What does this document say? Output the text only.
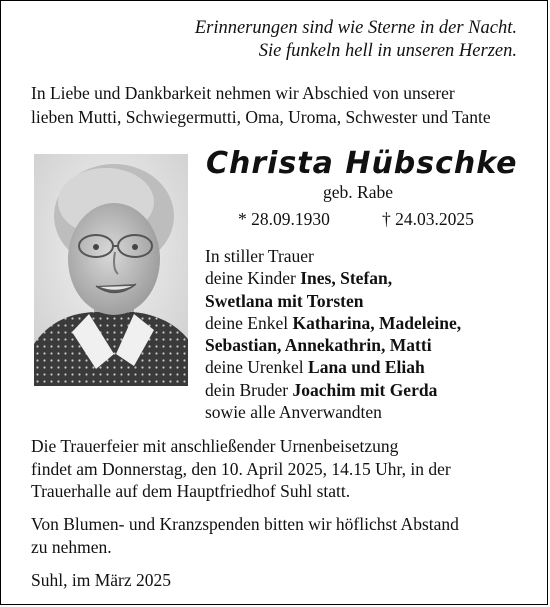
Erinnerungen sind wie Sterne in der Nacht.
Sie funkeln hell in unseren Herzen.
In Liebe und Dankbarkeit nehmen wir Abschied von unserer
lieben Mutti, Schwiegermutti, Oma, Uroma, Schwester und Tante
Christa Hübschke
geb. Rabe
* 28.09.1930	† 24.03.2025
In stiller Trauer
deine Kinder Ines, Stefan,
Swetlana mit Torsten
deine Enkel Katharina, Madeleine,
Sebastian, Annekathrin, Matti
deine Urenkel Lana und Eliah
dein Bruder Joachim mit Gerda
sowie alle Anverwandten
Die Trauerfeier mit anschließender Urnenbeisetzung
findet am Donnerstag, den 10. April 2025, 14.15 Uhr, in der
Trauerhalle auf dem Hauptfriedhof Suhl statt.
Von Blumen- und Kranzspenden bitten wir höflichst Abstand
zu nehmen.
Suhl, im März 2025
